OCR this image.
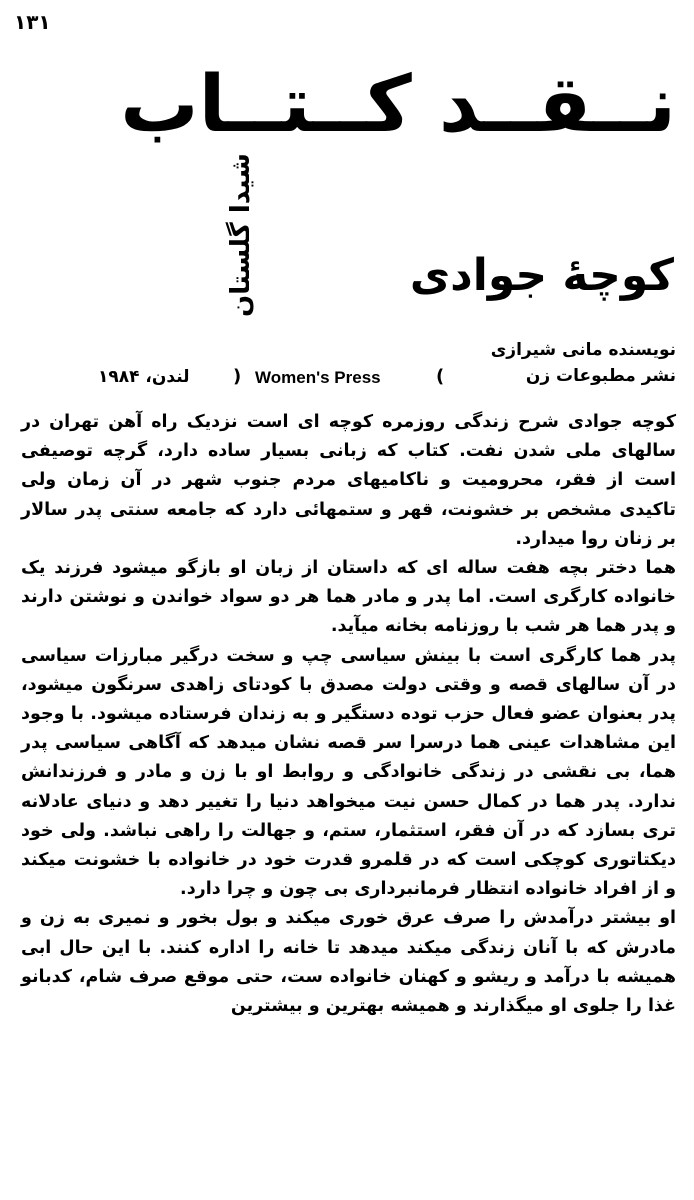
۱۳۱
نــقــد کــتــاب
شیدا گلستان	کوچهٔ جوادی
نویسنده مانی شیرازی
نشر مطبوعات زن
) Women's Press	(
لندن، ۱۹۸۴

کوچه جوادی شرح زندگی روزمره کوچه ای است نزدیک راه آهن تهران در سالهای ملی شدن نفت. کتاب که زبانی بسیار ساده دارد، گرچه توصیفی است از فقر، محرومیت و ناکامیهای مردم جنوب شهر در آن زمان ولی تاکیدی مشخص بر خشونت، قهر و ستمهائی دارد که جامعه سنتی پدر سالار بر زنان روا میدارد.

هما دختر بچه هفت ساله ای که داستان از زبان او بازگو میشود فرزند یک خانواده کارگری است. اما پدر و مادر هما هر دو سواد خواندن و نوشتن دارند و پدر هما هر شب با روزنامه بخانه میآید.

پدر هما کارگری است با بینش سیاسی چپ و سخت درگیر مبارزات سیاسی در آن سالهای قصه و وقتی دولت مصدق با کودتای زاهدی سرنگون میشود، پدر بعنوان عضو فعال حزب توده دستگیر و به زندان فرستاده میشود. با وجود این مشاهدات عینی هما درسرا سر قصه نشان میدهد که آگاهی سیاسی پدر هما، بی نقشی در زندگی خانوادگی و روابط او با زن و مادر و فرزندانش ندارد. پدر هما در کمال حسن نیت میخواهد دنیا را تغییر دهد و دنیای عادلانه تری بسازد که در آن فقر، استثمار، ستم، و جهالت را راهی نباشد. ولی خود دیکتاتوری کوچکی است که در قلمرو قدرت خود در خانواده با خشونت میکند و از افراد خانواده انتظار فرمانبرداری بی چون و چرا دارد.

او بیشتر درآمدش را صرف عرق خوری میکند و بول بخور و نمیری به زن و مادرش که با آنان زندگی میکند میدهد تا خانه را اداره کنند. با این حال ابی همیشه با درآمد و ریشو و کهنان خانواده ست، حتی موقع صرف شام، کدبانو غذا را جلوی او میگذارند و همیشه بهترین و بیشترین
